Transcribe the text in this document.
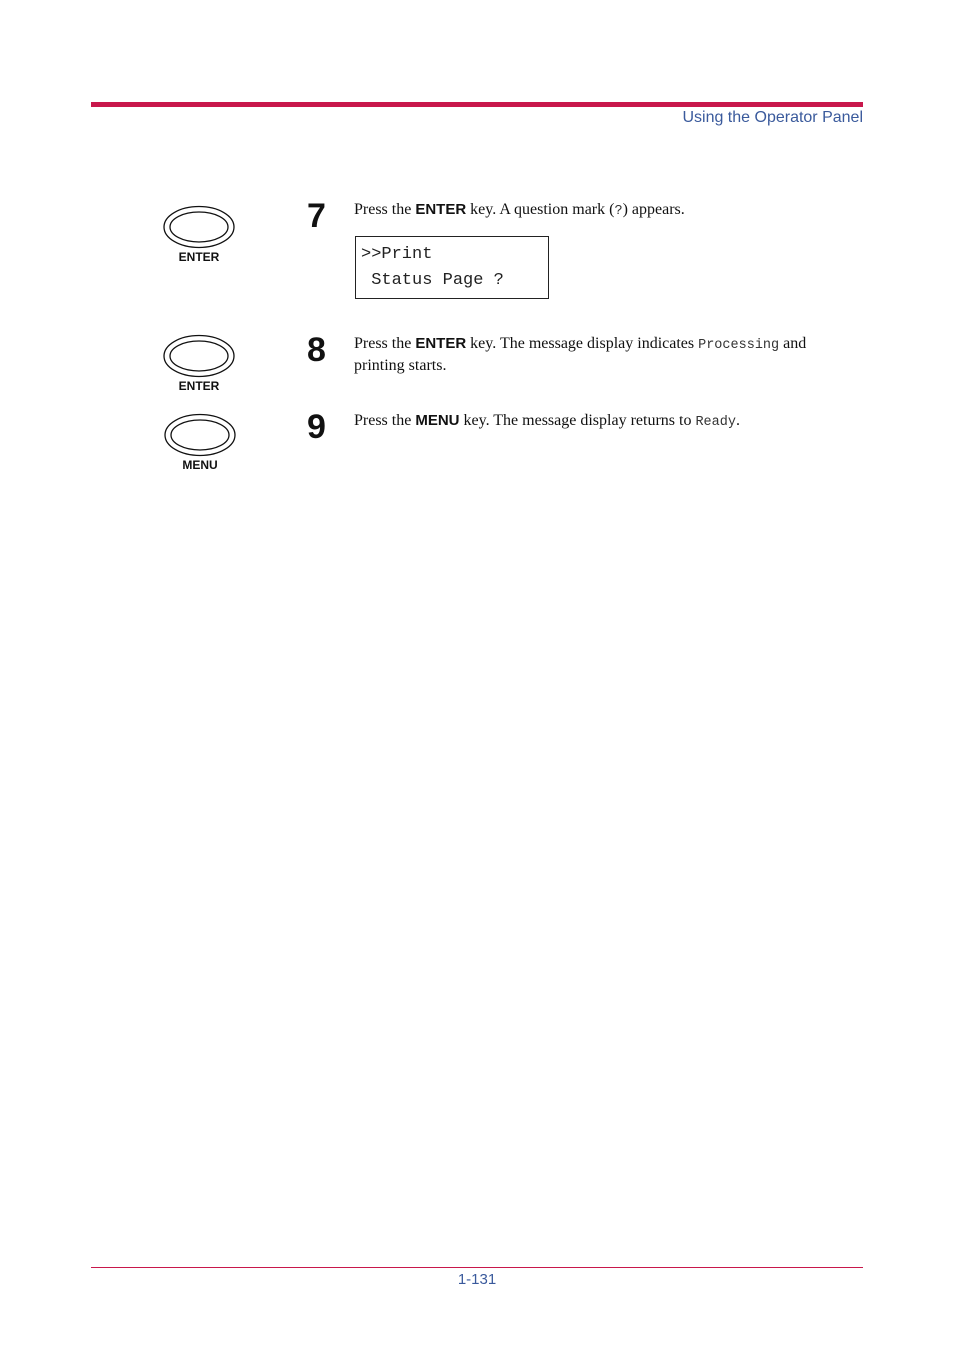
Using the Operator Panel
ENTER
ENTER
MENU
7 Press the ENTER key. A question mark (?) appears.
>>Print
Status Page ?
8 Press the ENTER key. The message display indicates Processing and printing starts.
9 Press the MENU key. The message display returns to Ready.
1-131
